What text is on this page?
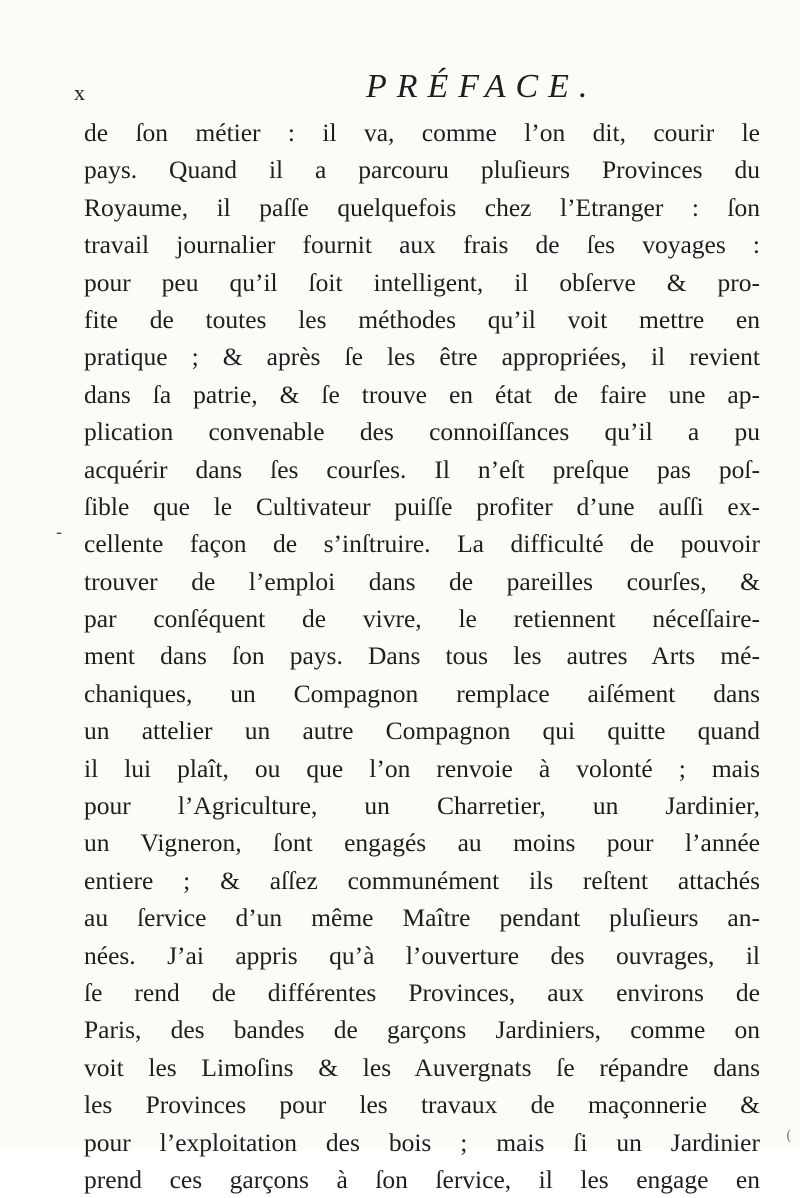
x	PRÉFACE.
-
de ſon métier : il va, comme l’on dit, courir le
pays. Quand il a parcouru pluſieurs Provinces du
Royaume, il paſſe quelquefois chez l’Etranger : ſon
travail journalier fournit aux frais de ſes voyages :
pour peu qu’il ſoit intelligent, il obſerve & pro-
fite de toutes les méthodes qu’il voit mettre en
pratique ; & après ſe les être appropriées, il revient
dans ſa patrie, & ſe trouve en état de faire une ap-
plication convenable des connoiſſances qu’il a pu
acquérir dans ſes courſes. Il n’eſt preſque pas poſ-
ſible que le Cultivateur puiſſe profiter d’une auſſi ex-
cellente façon de s’inſtruire. La difficulté de pouvoir
trouver de l’emploi dans de pareilles courſes, &
par conſéquent de vivre, le retiennent néceſſaire-
ment dans ſon pays. Dans tous les autres Arts mé-
chaniques, un Compagnon remplace aiſément dans
un attelier un autre Compagnon qui quitte quand
il lui plaît, ou que l’on renvoie à volonté ; mais
pour l’Agriculture, un Charretier, un Jardinier,
un Vigneron, ſont engagés au moins pour l’année
entiere ; & aſſez communément ils reſtent attachés
au ſervice d’un même Maître pendant pluſieurs an-
nées. J’ai appris qu’à l’ouverture des ouvrages, il
ſe rend de différentes Provinces, aux environs de
Paris, des bandes de garçons Jardiniers, comme on
voit les Limoſins & les Auvergnats ſe répandre dans
les Provinces pour les travaux de maçonnerie &
pour l’exploitation des bois ; mais ſi un Jardinier
prend ces garçons à ſon ſervice, il les engage en
(
